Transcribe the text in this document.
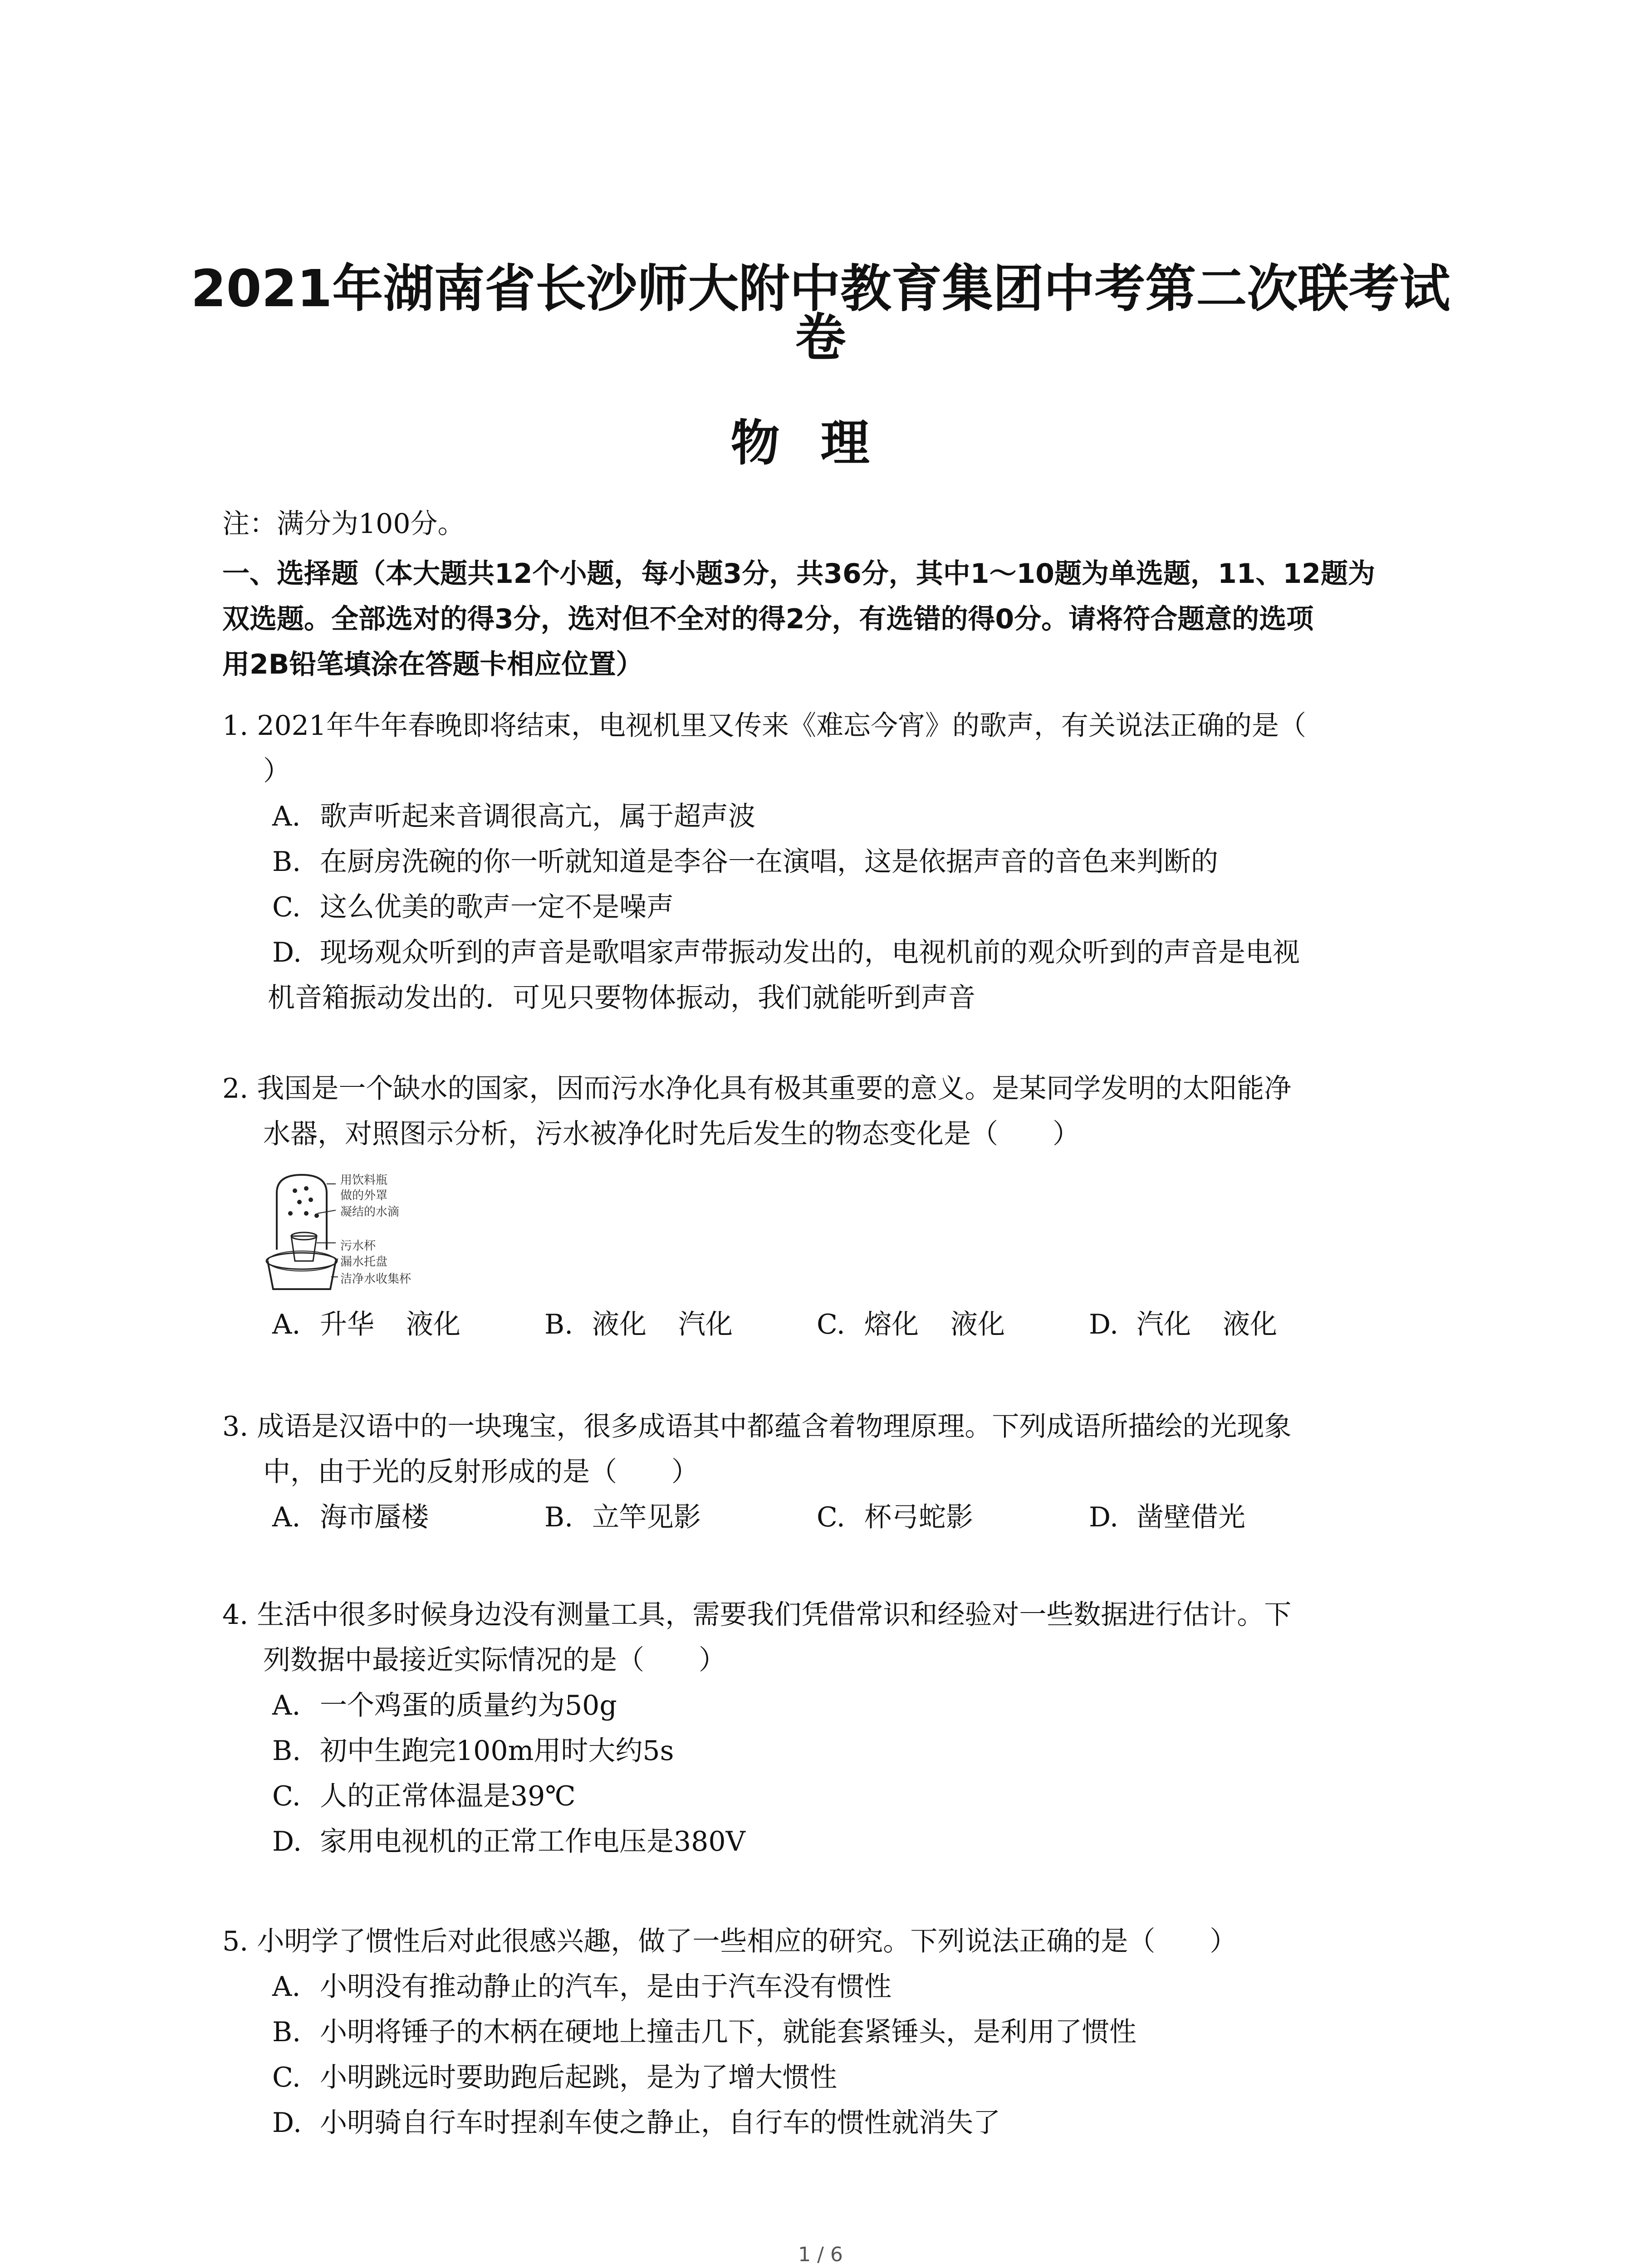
2021年湖南省长沙师大附中教育集团中考第二次联考试
卷
物理
注：满分为100分。
一、选择题（本大题共12个小题，每小题3分，共36分，其中1～10题为单选题，11、12题为
双选题。全部选对的得3分，选对但不全对的得2分，有选错的得0分。请将符合题意的选项
用2B铅笔填涂在答题卡相应位置）
1. 2021年牛年春晚即将结束，电视机里又传来《难忘今宵》的歌声，有关说法正确的是（
）
A. 歌声听起来音调很高亢，属于超声波
B. 在厨房洗碗的你一听就知道是李谷一在演唱，这是依据声音的音色来判断的
C. 这么优美的歌声一定不是噪声
D. 现场观众听到的声音是歌唱家声带振动发出的，电视机前的观众听到的声音是电视
机音箱振动发出的．可见只要物体振动，我们就能听到声音
2. 我国是一个缺水的国家，因而污水净化具有极其重要的意义。是某同学发明的太阳能净
水器，对照图示分析，污水被净化时先后发生的物态变化是（　　）
用饮料瓶
做的外罩
凝结的水滴
污水杯
漏水托盘
洁净水收集杯
A. 升华 液化	B. 液化 汽化	C. 熔化 液化	D. 汽化 液化
3. 成语是汉语中的一块瑰宝，很多成语其中都蕴含着物理原理。下列成语所描绘的光现象
中，由于光的反射形成的是（　　）
A. 海市蜃楼	B. 立竿见影	C. 杯弓蛇影	D. 凿壁借光
4. 生活中很多时候身边没有测量工具，需要我们凭借常识和经验对一些数据进行估计。下
列数据中最接近实际情况的是（　　）
A. 一个鸡蛋的质量约为50g
B. 初中生跑完100m用时大约5s
C. 人的正常体温是39℃
D. 家用电视机的正常工作电压是380V
5. 小明学了惯性后对此很感兴趣，做了一些相应的研究。下列说法正确的是（　　）
A. 小明没有推动静止的汽车，是由于汽车没有惯性
B. 小明将锤子的木柄在硬地上撞击几下，就能套紧锤头，是利用了惯性
C. 小明跳远时要助跑后起跳，是为了增大惯性
D. 小明骑自行车时捏刹车使之静止，自行车的惯性就消失了
1 / 6
